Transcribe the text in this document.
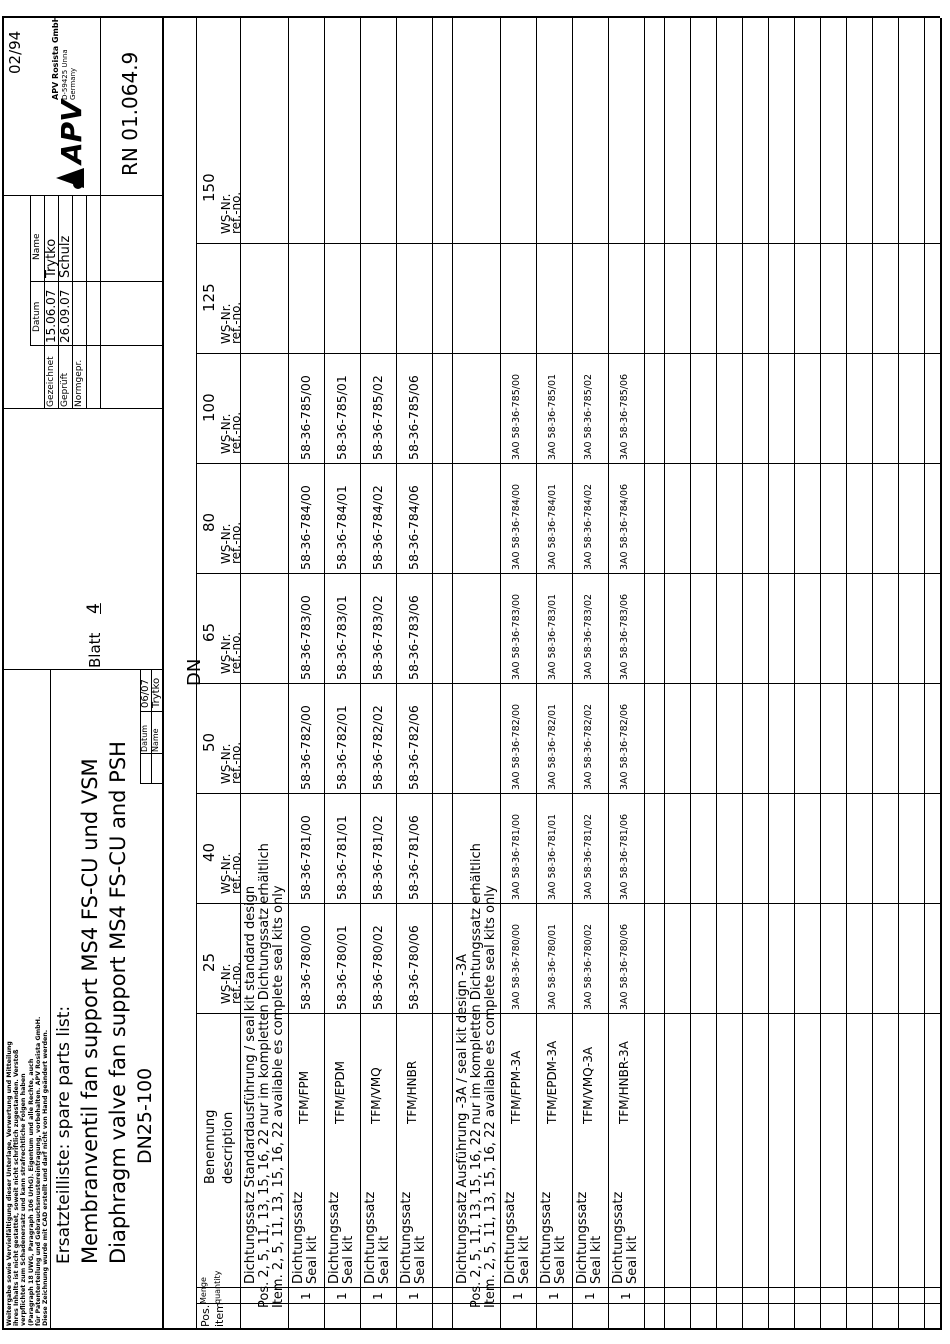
02/94
Weitergabe sowie Vervielfältigung dieser Unterlage, Verwertung und Mitteilung ihres Inhalts ist nicht gestattet, soweit nicht schriftlich zugestanden. Verstoß verpflichtet zum Schadenersatz und kann strafrechtliche Folgen haben (Paragraph 18 UWG, Paragraph 106 UrhG). Eigentum und alle Rechte, auch für Patenterteilung und Gebrauchsmustereintragung, vorbehalten. APV Rosista GmbH. Diese Zeichnung wurde mit CAD erstellt und darf nicht von Hand geändert werden. Ersatzteilliste: spare parts list: Membranventil fan support MS4 FS-CU und VSM Diaphragm valve fan support MS4 FS-CU and PSH DN25-100
Blatt
4
Datum Name
06/07 Trytko
Datum
Name
Gezeichnet
15.06.07
Trytko
Geprüft
26.09.07
Schulz
Normgepr.
APV
APV Rosista GmbH D-59425 Unna Germany RN 01.064.9
Pos. item
Menge quantity
Benennung description
DN
25
WS-Nr.
ref.-no.
40
WS-Nr.
ref.-no.
50
WS-Nr.
ref.-no.
65
WS-Nr.
ref.-no.
80
WS-Nr.
ref.-no.
100
WS-Nr.
ref.-no.
125
WS-Nr.
ref.-no.
150
WS-Nr.
ref.-no.
Dichtungssatz Standardausführung / seal kit standard design Pos. 2, 5, 11, 13, 15, 16, 22 nur im kompletten Dichtungssatz erhältlich Item. 2, 5, 11, 13, 15, 16, 22 available es complete seal kits only 1
Dichtungssatz Seal kit
TFM/FPM
58-36-780/00
58-36-781/00
58-36-782/00
58-36-783/00
58-36-784/00
58-36-785/00
1
Dichtungssatz Seal kit
TFM/EPDM
58-36-780/01
58-36-781/01
58-36-782/01
58-36-783/01
58-36-784/01
58-36-785/01
1
Dichtungssatz Seal kit
TFM/VMQ
58-36-780/02
58-36-781/02
58-36-782/02
58-36-783/02
58-36-784/02
58-36-785/02
1
Dichtungssatz Seal kit
TFM/HNBR
58-36-780/06
58-36-781/06
58-36-782/06
58-36-783/06
58-36-784/06
58-36-785/06
Dichtungssatz Ausführung -3A / seal kit design -3A Pos. 2, 5, 11, 13, 15, 16, 22 nur im kompletten Dichtungssatz erhältlich Item. 2, 5, 11, 13, 15, 16, 22 available es complete seal kits only 1
Dichtungssatz Seal kit
TFM/FPM-3A
3A0 58-36-780/00
3A0 58-36-781/00
3A0 58-36-782/00
3A0 58-36-783/00
3A0 58-36-784/00
3A0 58-36-785/00
1
Dichtungssatz Seal kit
TFM/EPDM-3A
3A0 58-36-780/01
3A0 58-36-781/01
3A0 58-36-782/01
3A0 58-36-783/01
3A0 58-36-784/01
3A0 58-36-785/01
1
Dichtungssatz Seal kit
TFM/VMQ-3A
3A0 58-36-780/02
3A0 58-36-781/02
3A0 58-36-782/02
3A0 58-36-783/02
3A0 58-36-784/02
3A0 58-36-785/02
1
Dichtungssatz Seal kit
TFM/HNBR-3A
3A0 58-36-780/06
3A0 58-36-781/06
3A0 58-36-782/06
3A0 58-36-783/06
3A0 58-36-784/06
3A0 58-36-785/06
